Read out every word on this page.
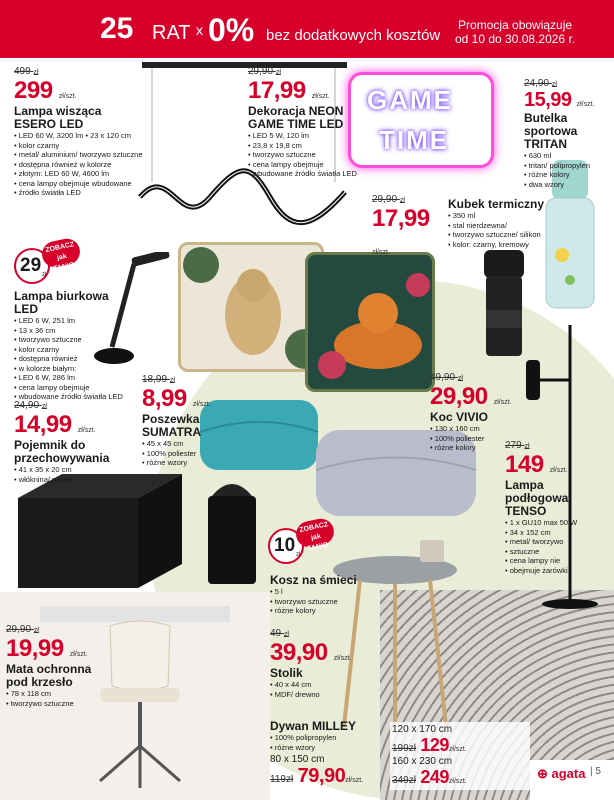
25 RAT x 0% bez dodatkowych kosztów
Promocja obowiązuje
od 10 do 30.08.2026 r.
GAME
TIME
499 zł
299 zł/szt.
Lampa wisząca
ESERO LED
• LED 60 W, 3200 lm • 23 x 120 cm
• kolor czarny
• metal/ aluminium/ tworzywo sztuczne
• dostępna również w kolorze
• złotym: LED 60 W, 4600 lm
• cena lampy obejmuje wbudowane
• źródło światła LED
29,90 zł
17,99 zł/szt.
Dekoracja NEON
GAME TIME LED
• LED 5 W, 120 lm
• 23,8 x 19,8 cm
• tworzywo sztuczne
• cena lampy obejmuje
• wbudowane źródło światła LED
24,90 zł
15,99 zł/szt.
Butelka
sportowa
TRITAN
• 630 ml
• tritan/ polipropylen
• różne kolory
• dwa wzory
29,90 zł
17,99 zł/szt.
Kubek termiczny
• 350 ml
• stal nierdzewna/
• tworzywo sztuczne/ silikon
• kolor: czarny, kremowy
29 zł
ZOBACZ
jak
TANIO
Lampa biurkowa
LED
• LED 6 W, 251 lm
• 13 x 36 cm
• tworzywo sztuczne
• kolor czarny
• dostępna również
• w kolorze białym:
• LED 6 W, 286 lm
• cena lampy obejmuje
• wbudowane źródło światła LED
18,99 zł
8,99 zł/szt.
Poszewka
SUMATRA
• 45 x 45 cm
• 100% poliester
• różne wzory
49,90 zł
29,90 zł/szt.
Koc VIVIO
• 130 x 160 cm
• 100% poliester
• różne kolory
24,90 zł
14,99 zł/szt.
Pojemnik do
przechowywania
• 41 x 35 x 20 cm
• włóknina/ papier
279 zł
149 zł/szt.
Lampa
podłogowa
TENSO
• 1 x GU10 max 50 W
• 34 x 152 cm
• metal/ tworzywo
• sztuczne
• cena lampy nie
• obejmuje żarówki
10 zł
ZOBACZ
jak
TANIO
Kosz na śmieci
• 5 l
• tworzywo sztuczne
• różne kolory
29,90 zł
19,99 zł/szt.
Mata ochronna
pod krzesło
• 78 x 118 cm
• tworzywo sztuczne
49 zł
39,90 zł/szt.
Stolik
• 40 x 44 cm
• MDF/ drewno
Dywan MILLEY
• 100% polipropylen
• różne wzory
80 x 150 cm
119zł 79,90zł/szt.
120 x 170 cm
199zł 129zł/szt.
160 x 230 cm
349zł 249zł/szt.
⊕ agata | 5
